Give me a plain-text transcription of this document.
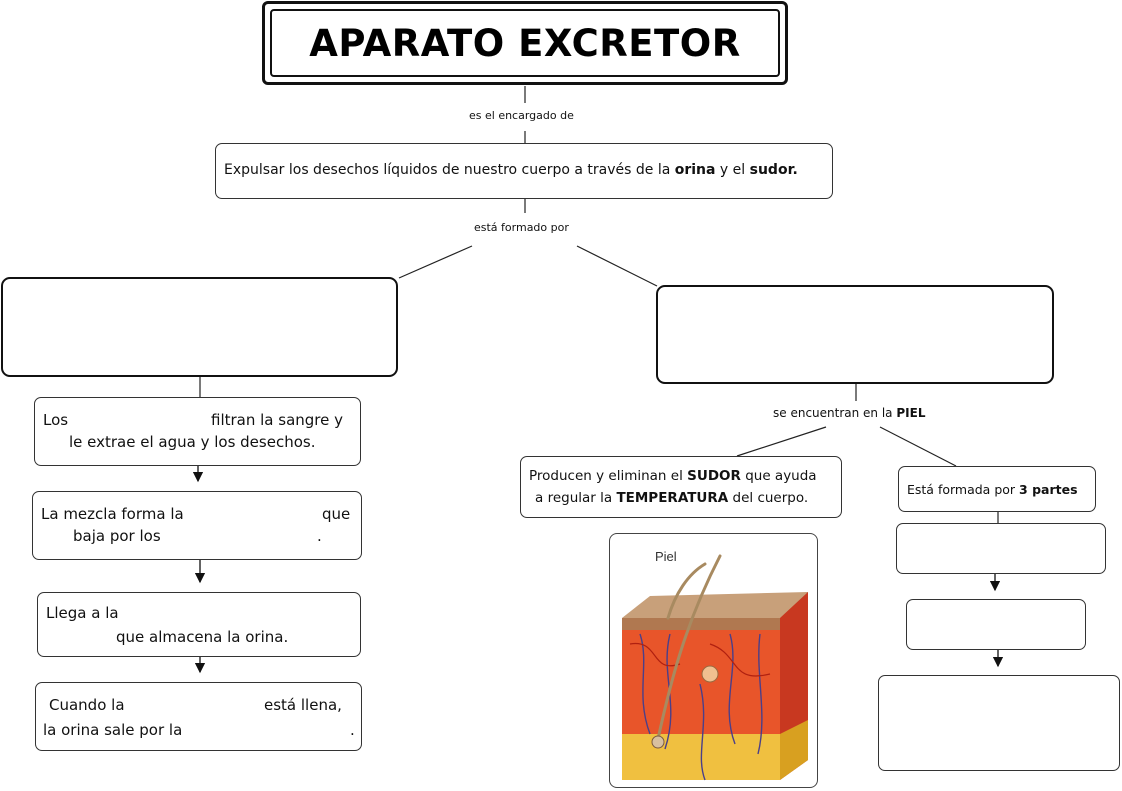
APARATO EXCRETOR
es el encargado de
Expulsar los desechos líquidos de nuestro cuerpo a través de la orina y el sudor.
está formado por
Los	filtran la sangre y
le extrae el agua y los desechos.
La mezcla forma la	que
baja por los	.
Llega a la
que almacena la orina.
Cuando la	está llena,
la orina sale por la	.
se encuentran en la PIEL
Producen y eliminan el SUDOR que ayuda
a regular la TEMPERATURA del cuerpo.
Está formada por 3 partes
Piel
